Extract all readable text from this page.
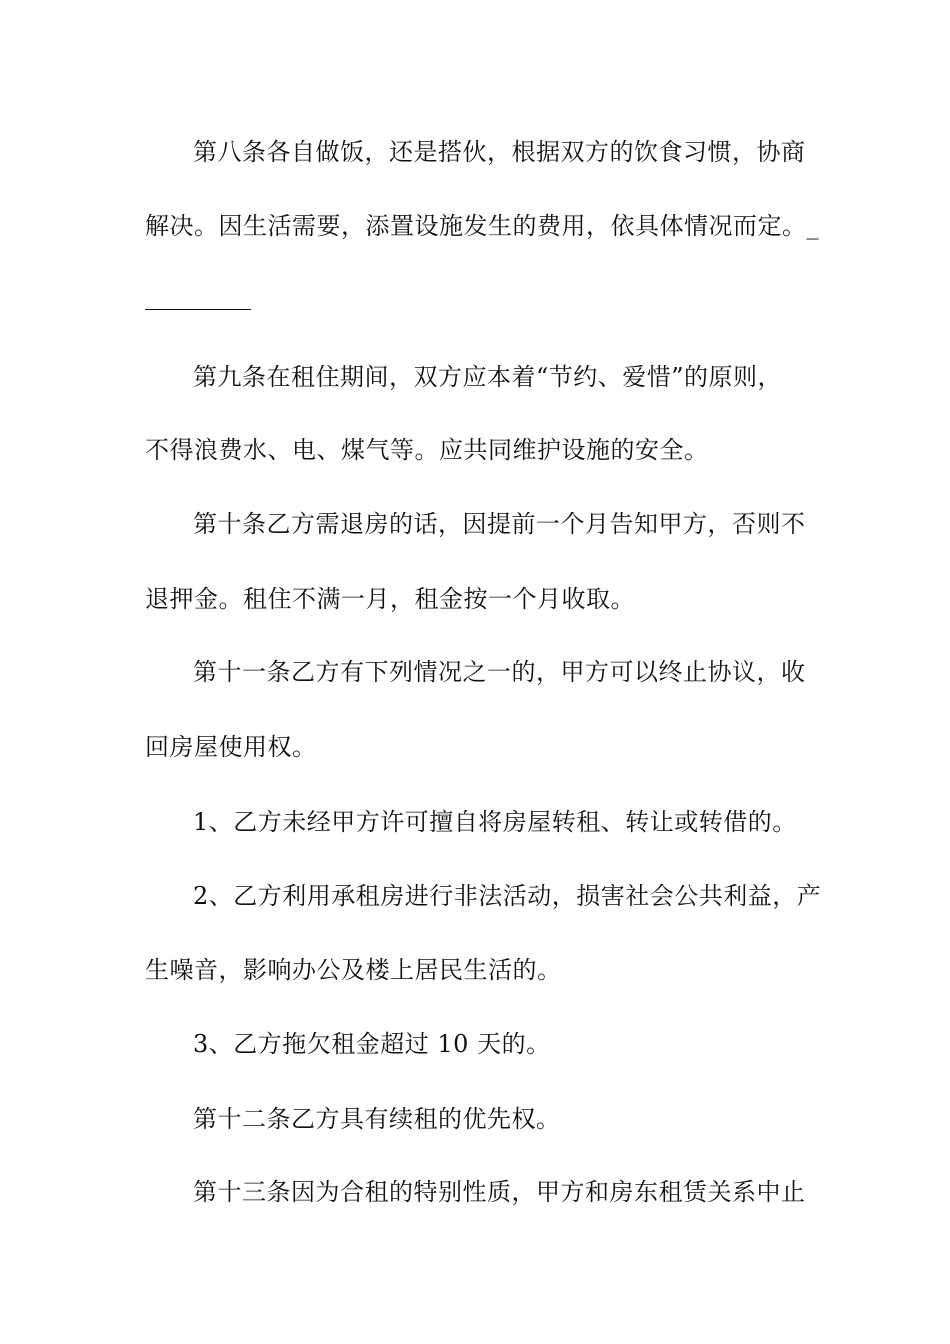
第八条各自做饭，还是搭伙，根据双方的饮食习惯，协商
解决。因生活需要，添置设施发生的费用，依具体情况而定。_
第九条在租住期间，双方应本着“节约、爱惜”的原则，
不得浪费水、电、煤气等。应共同维护设施的安全。
第十条乙方需退房的话，因提前一个月告知甲方，否则不
退押金。租住不满一月，租金按一个月收取。
第十一条乙方有下列情况之一的，甲方可以终止协议，收
回房屋使用权。
1、乙方未经甲方许可擅自将房屋转租、转让或转借的。
2、乙方利用承租房进行非法活动，损害社会公共利益，产
生噪音，影响办公及楼上居民生活的。
3、乙方拖欠租金超过 10 天的。
第十二条乙方具有续租的优先权。
第十三条因为合租的特别性质，甲方和房东租赁关系中止
